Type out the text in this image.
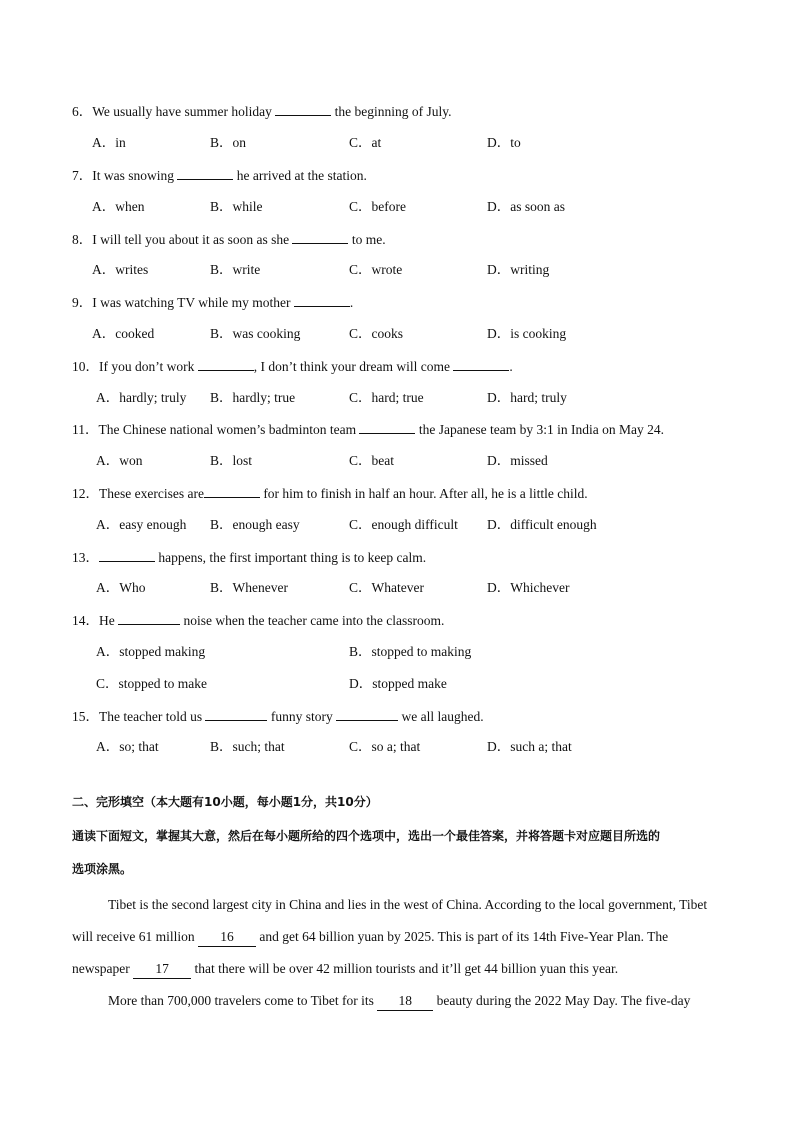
6．We usually have summer holiday	the beginning of July.
A．in	B．on	C．at	D．to
7．It was snowing	he arrived at the station.
A．when	B．while	C．before	D．as soon as
8．I will tell you about it as soon as she	to me.
A．writes	B．write	C．wrote	D．writing
9．I was watching TV while my mother	.
A．cooked	B．was cooking	C．cooks	D．is cooking
10．If you don’t work	, I don’t think your dream will come	.
A．hardly; truly B．hardly; true	C．hard; true	D．hard; truly
11．The Chinese national women’s badminton team	the Japanese team by 3:1 in India on May 24.
A．won	B．lost	C．beat	D．missed
12．These exercises are	for him to finish in half an hour. After all, he is a little child.
A．easy enough B．enough easy	C．enough difficult D．difficult enough
13．	happens, the first important thing is to keep calm.
A．Who	B．Whenever	C．Whatever	D．Whichever
14．He	noise when the teacher came into the classroom.
A．stopped making	B．stopped to making
C．stopped to make	D．stopped make
15．The teacher told us	funny story	we all laughed.
A．so; that	B．such; that	C．so a; that	D．such a; that
二、完形填空（本大题有10小题，每小题1分，共10分）
通读下面短文，掌握其大意，然后在每小题所给的四个选项中，选出一个最佳答案，并将答题卡对应题目所选的
选项涂黑。
Tibet is the second largest city in China and lies in the west of China. According to the local government, Tibet
will receive 61 million 16 and get 64 billion yuan by 2025. This is part of its 14th Five-Year Plan. The
newspaper 17 that there will be over 42 million tourists and it’ll get 44 billion yuan this year.
More than 700,000 travelers come to Tibet for its 18 beauty during the 2022 May Day. The five-day
